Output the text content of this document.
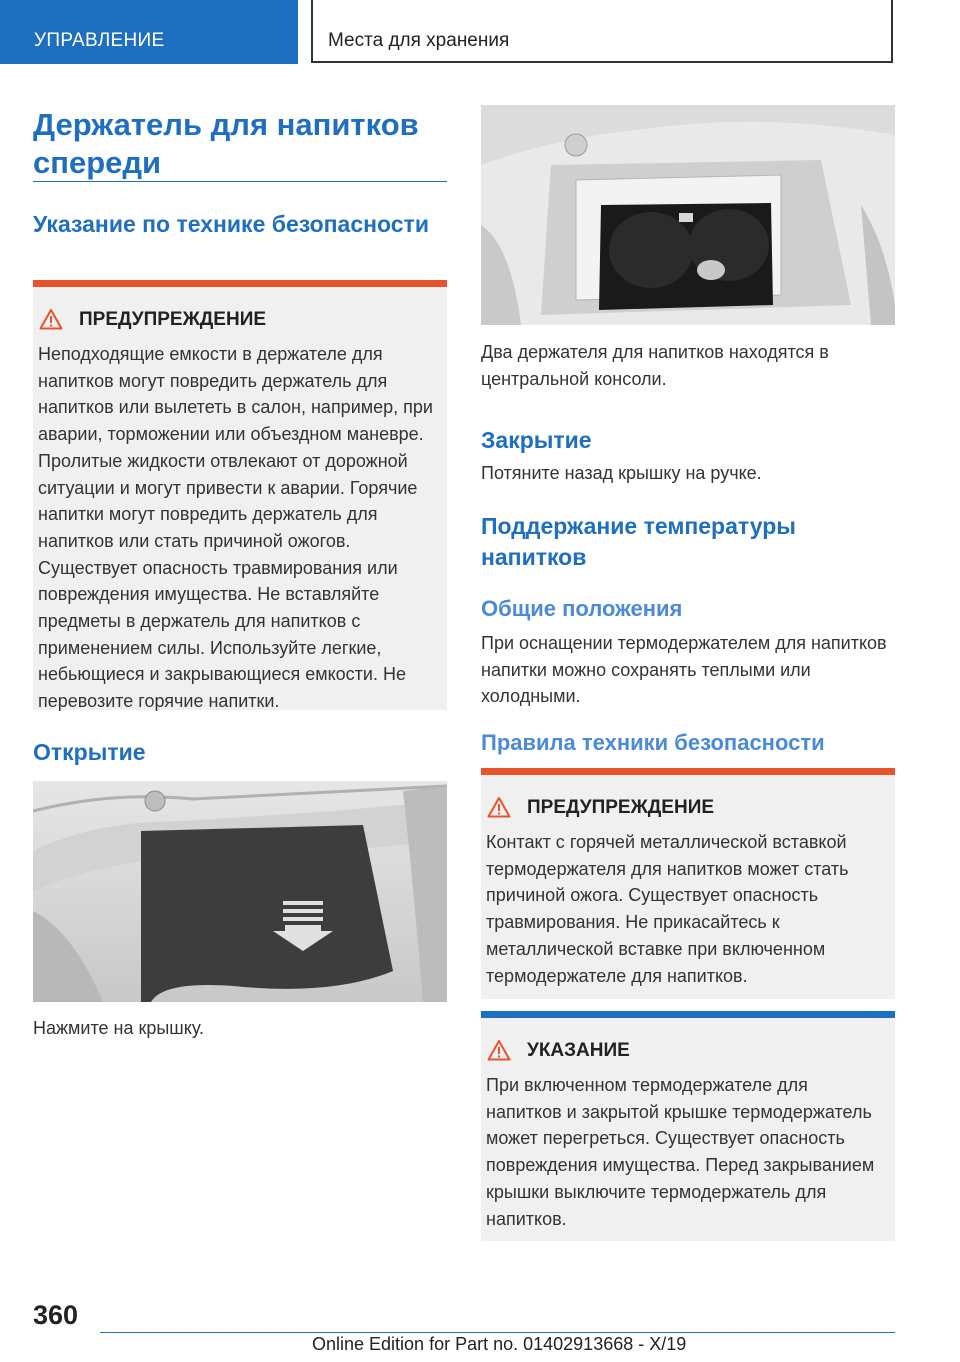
УПРАВЛЕНИЕ	Места для хранения
Держатель для напитков спереди
Указание по технике безопасности
ПРЕДУПРЕЖДЕНИЕ
Неподходящие емкости в держателе для напитков могут повредить держатель для напитков или вылететь в салон, например, при аварии, торможении или объездном маневре. Пролитые жидкости отвлекают от дорожной ситуации и могут привести к аварии. Горячие напитки могут повредить держатель для напитков или стать причиной ожогов. Существует опасность травмирования или повреждения имущества. Не вставляйте предметы в держатель для напитков с применением силы. Используйте легкие, небьющиеся и закрывающиеся емкости. Не перевозите горячие напитки.
Открытие
Нажмите на крышку.
Два держателя для напитков находятся в центральной консоли.
Закрытие
Потяните назад крышку на ручке.
Поддержание температуры напитков
Общие положения
При оснащении термодержателем для напитков напитки можно сохранять теплыми или холодными.
Правила техники безопасности
ПРЕДУПРЕЖДЕНИЕ
Контакт с горячей металлической вставкой термодержателя для напитков может стать причиной ожога. Существует опасность травмирования. Не прикасайтесь к металлической вставке при включенном термодержателе для напитков.
УКАЗАНИЕ
При включенном термодержателе для напитков и закрытой крышке термодержатель может перегреться. Существует опасность повреждения имущества. Перед закрыванием крышки выключите термодержатель для напитков.
360
Online Edition for Part no. 01402913668 - X/19
